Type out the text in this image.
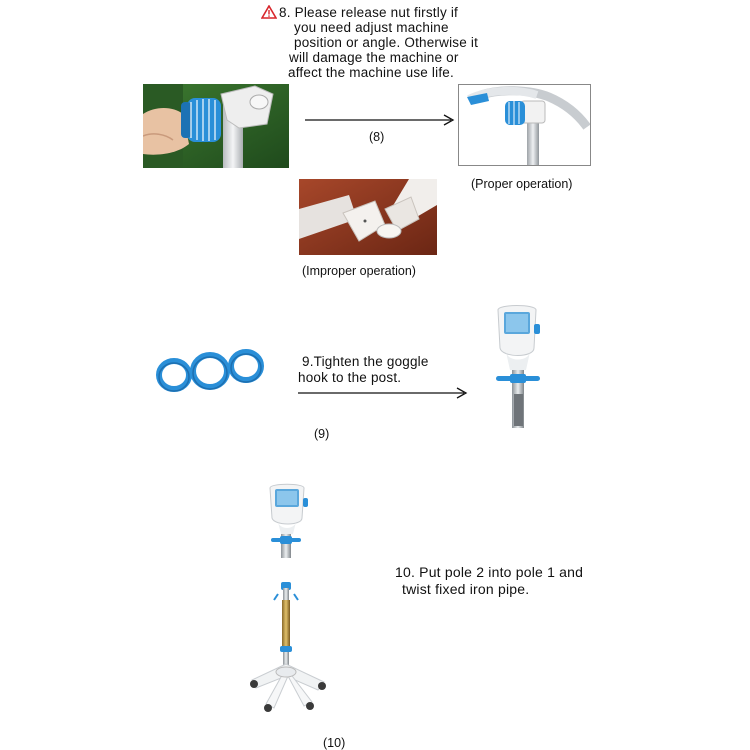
8. Please release nut firstly if
you need adjust machine
position or angle. Otherwise it
will damage the machine or
affect the machine use life.
(8)
(Proper operation)
(Improper operation)
9.Tighten the goggle
hook to the post.
(9)
10. Put pole 2 into pole 1 and
twist fixed iron pipe.
(10)
